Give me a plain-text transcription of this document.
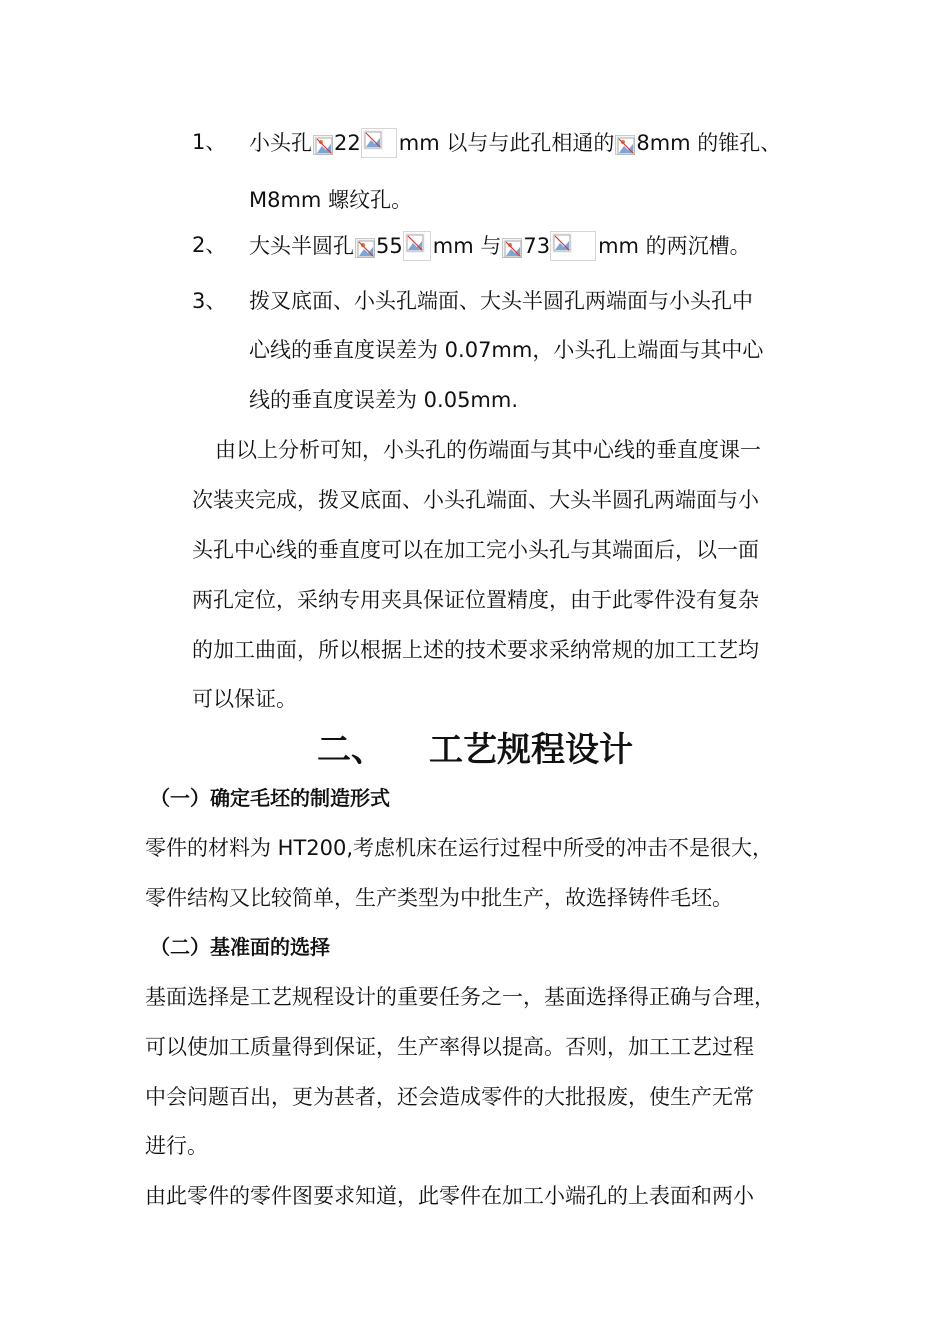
1、 小头孔 22 mm 以与与此孔相通的 8mm 的锥孔、
M8mm 螺纹孔。
2、 大头半圆孔 55 mm 与 73 mm 的两沉槽。
3、 拨叉底面、小头孔端面、大头半圆孔两端面与小头孔中
心线的垂直度误差为 0.07mm，小头孔上端面与其中心
线的垂直度误差为 0.05mm.
由以上分析可知，小头孔的伤端面与其中心线的垂直度课一
次装夹完成，拨叉底面、小头孔端面、大头半圆孔两端面与小
头孔中心线的垂直度可以在加工完小头孔与其端面后，以一面
两孔定位，采纳专用夹具保证位置精度，由于此零件没有复杂
的加工曲面，所以根据上述的技术要求采纳常规的加工工艺均
可以保证。
二、 工艺规程设计
（一）确定毛坯的制造形式
零件的材料为 HT200,考虑机床在运行过程中所受的冲击不是很大，
零件结构又比较简单，生产类型为中批生产，故选择铸件毛坯。
（二）基准面的选择
基面选择是工艺规程设计的重要任务之一，基面选择得正确与合理，
可以使加工质量得到保证，生产率得以提高。否则，加工工艺过程
中会问题百出，更为甚者，还会造成零件的大批报废，使生产无常
进行。
由此零件的零件图要求知道，此零件在加工小端孔的上表面和两小
